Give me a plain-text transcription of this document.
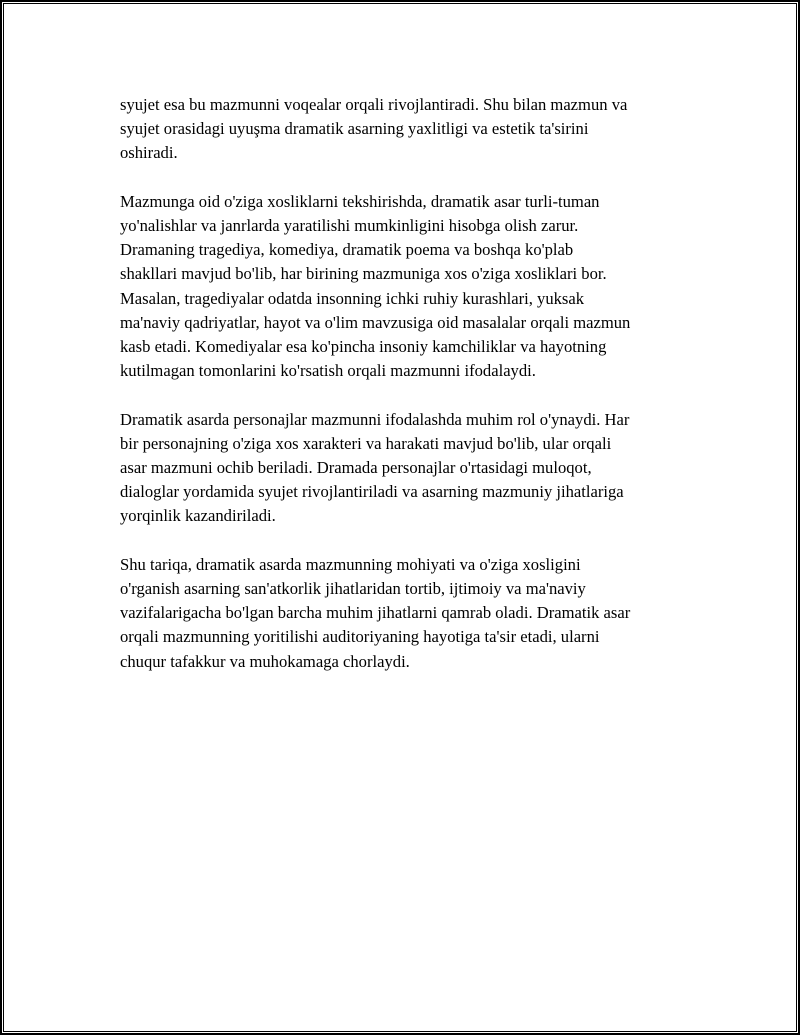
syujet esa bu mazmunni voqealar orqali rivojlantiradi. Shu bilan mazmun va
syujet orasidagi uyuşma dramatik asarning yaxlitligi va estetik ta'sirini
oshiradi.

Mazmunga oid o'ziga xosliklarni tekshirishda, dramatik asar turli-tuman
yo'nalishlar va janrlarda yaratilishi mumkinligini hisobga olish zarur.
Dramaning tragediya, komediya, dramatik poema va boshqa ko'plab
shakllari mavjud bo'lib, har birining mazmuniga xos o'ziga xosliklari bor.
Masalan, tragediyalar odatda insonning ichki ruhiy kurashlari, yuksak
ma'naviy qadriyatlar, hayot va o'lim mavzusiga oid masalalar orqali mazmun
kasb etadi. Komediyalar esa ko'pincha insoniy kamchiliklar va hayotning
kutilmagan tomonlarini ko'rsatish orqali mazmunni ifodalaydi.

Dramatik asarda personajlar mazmunni ifodalashda muhim rol o'ynaydi. Har
bir personajning o'ziga xos xarakteri va harakati mavjud bo'lib, ular orqali
asar mazmuni ochib beriladi. Dramada personajlar o'rtasidagi muloqot,
dialoglar yordamida syujet rivojlantiriladi va asarning mazmuniy jihatlariga
yorqinlik kazandiriladi.

Shu tariqa, dramatik asarda mazmunning mohiyati va o'ziga xosligini
o'rganish asarning san'atkorlik jihatlaridan tortib, ijtimoiy va ma'naviy
vazifalarigacha bo'lgan barcha muhim jihatlarni qamrab oladi. Dramatik asar
orqali mazmunning yoritilishi auditoriyaning hayotiga ta'sir etadi, ularni
chuqur tafakkur va muhokamaga chorlaydi.
